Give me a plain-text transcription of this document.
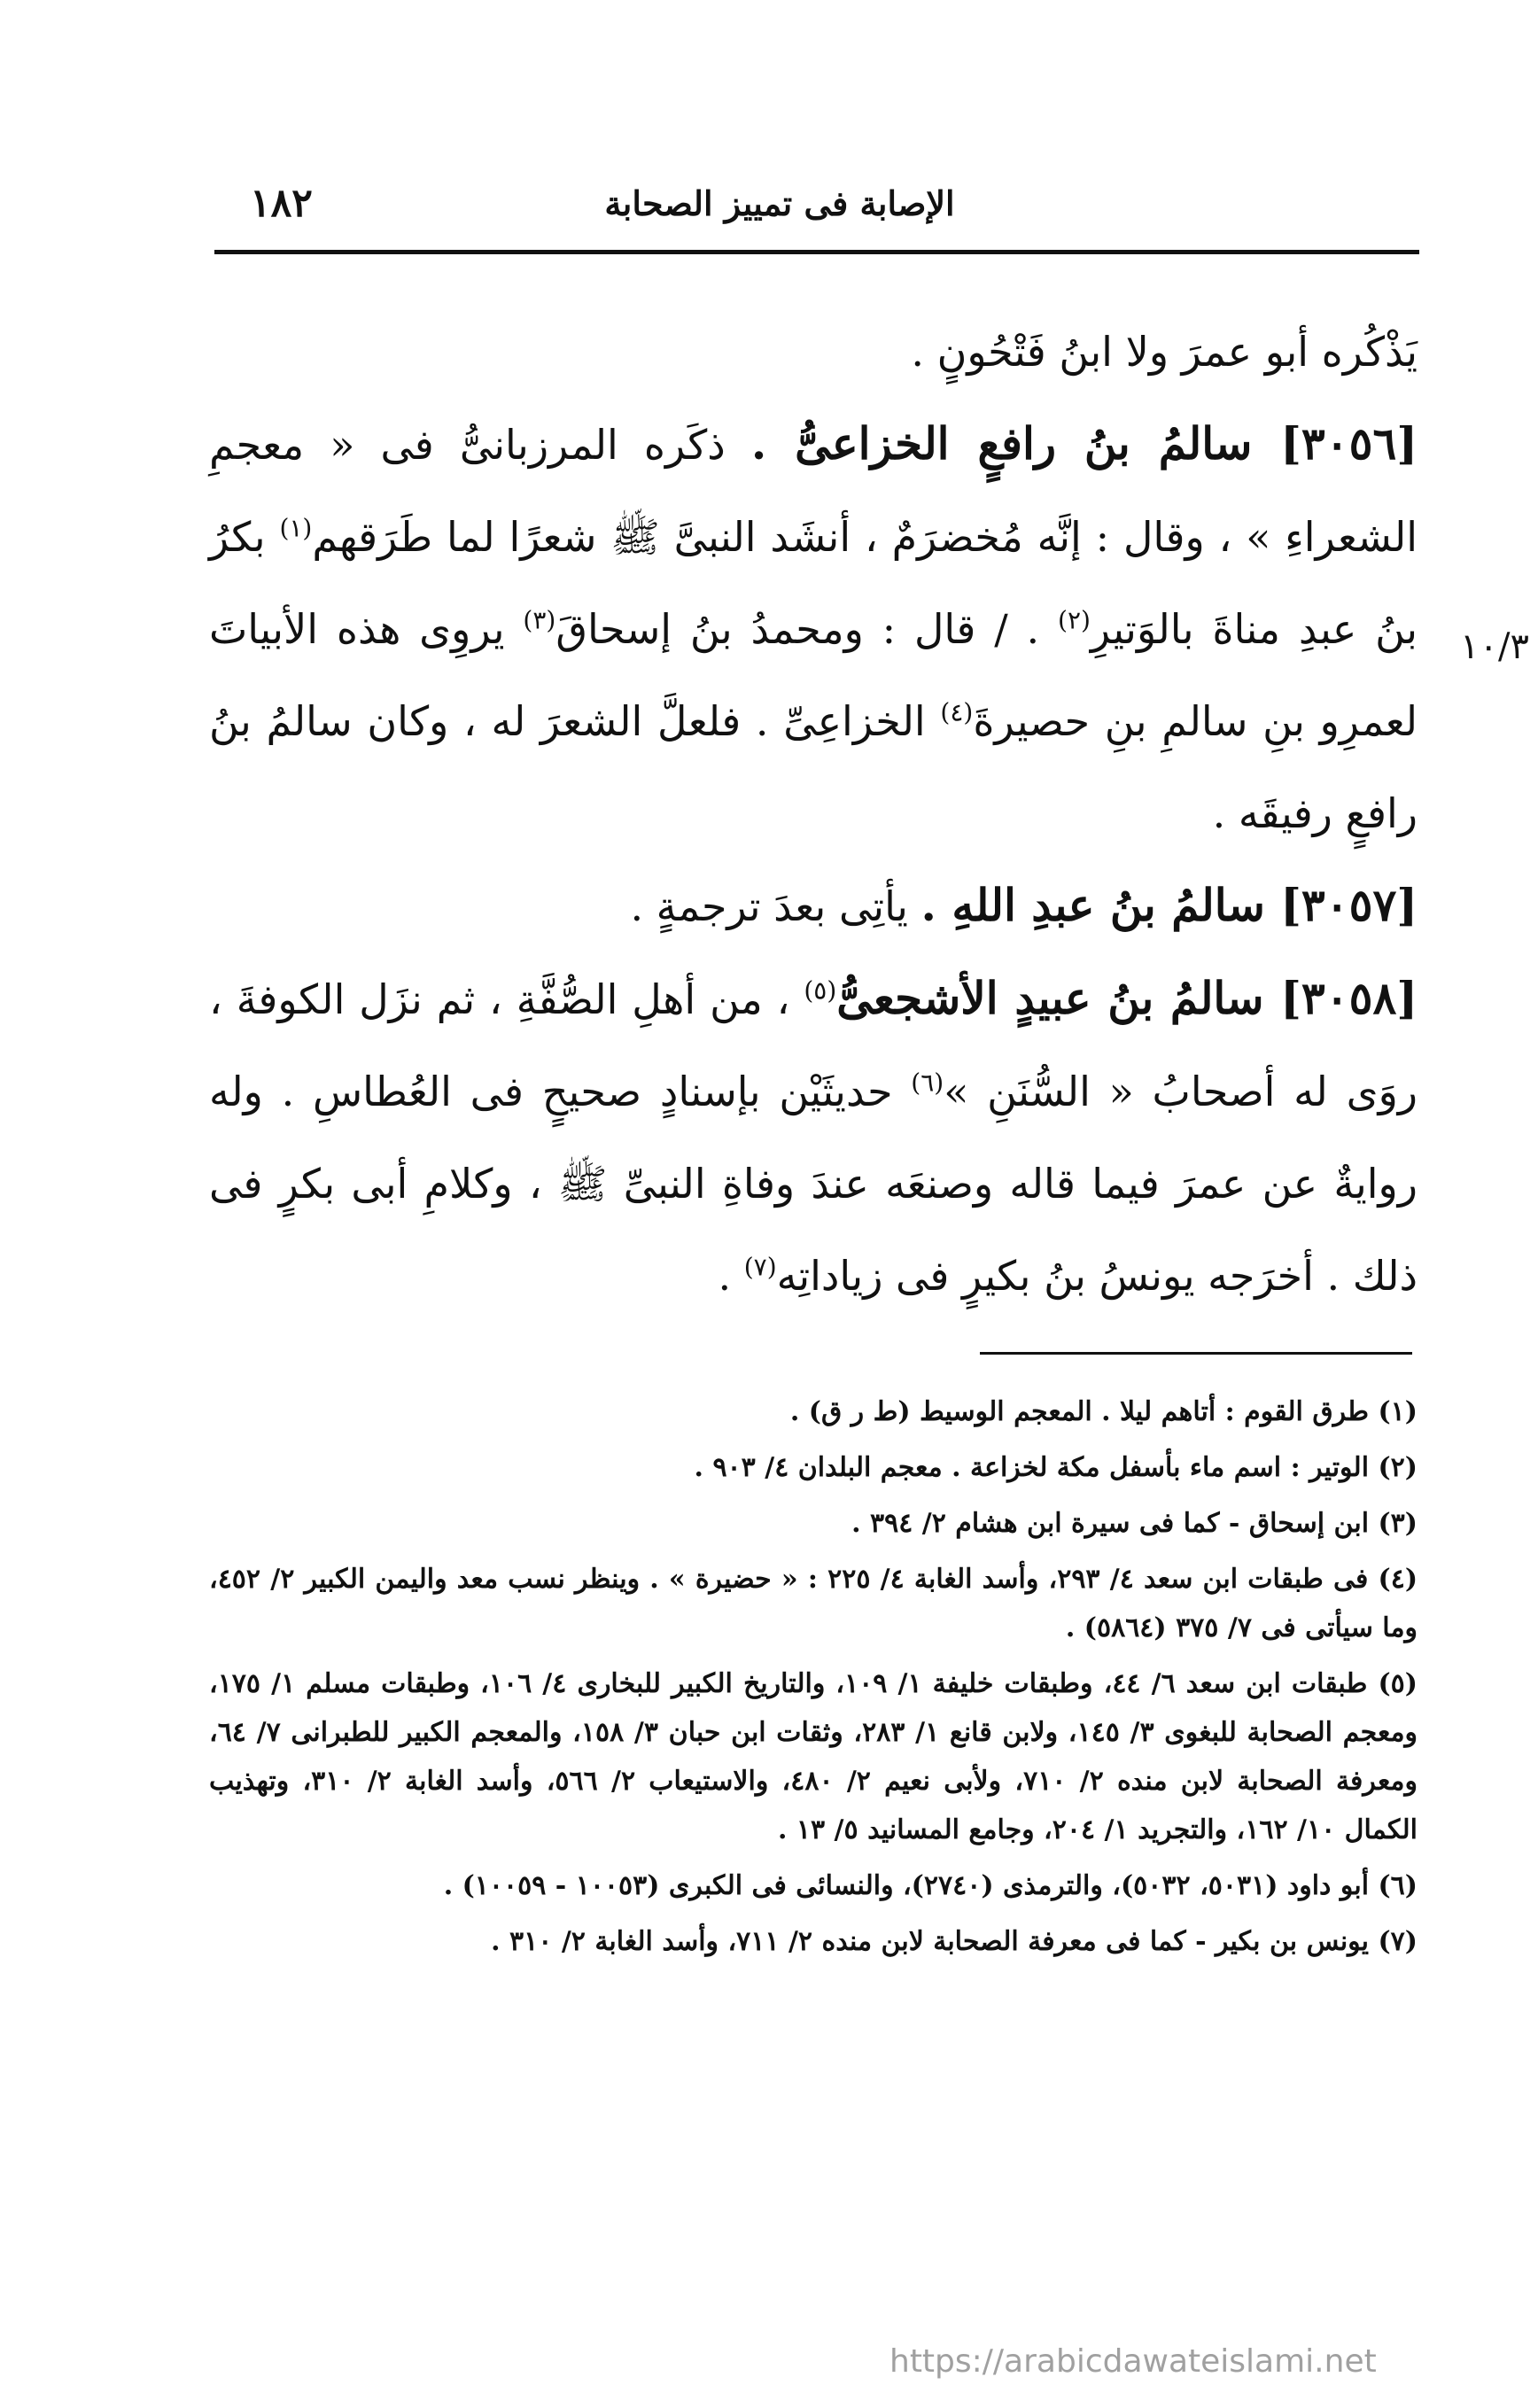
١٨٢	الإصابة فى تمييز الصحابة
١٠/٣

يَذْكُره أبو عمرَ ولا ابنُ فَتْحُونٍ .

[٣٠٥٦] سالمُ بنُ رافعٍ الخزاعىُّ . ذكَره المرزبانىُّ فى « معجمِ الشعراءِ » ، وقال : إنَّه مُخضرَمٌ ، أنشَد النبىَّ ﷺ شعرًا لما طَرَقهم$^{(١)}$ بكرُ بنُ عبدِ مناةَ بالوَتيرِ$^{(٢)}$ . / قال : ومحمدُ بنُ إسحاقَ$^{(٣)}$ يروِى هذه الأبياتَ لعمرِو بنِ سالمِ بنِ حصيرةَ$^{(٤)}$ الخزاعِىِّ . فلعلَّ الشعرَ له ، وكان سالمُ بنُ رافعٍ رفيقَه .

[٣٠٥٧] سالمُ بنُ عبدِ اللهِ . يأتِى بعدَ ترجمةٍ .

[٣٠٥٨] سالمُ بنُ عبيدٍ الأشجعىُّ$^{(٥)}$ ، من أهلِ الصُّفَّةِ ، ثم نزَل الكوفةَ ، روَى له أصحابُ « السُّنَنِ »$^{(٦)}$ حديثَيْن بإسنادٍ صحيحٍ فى العُطاسِ . وله روايةٌ عن عمرَ فيما قاله وصنعَه عندَ وفاةِ النبىِّ ﷺ ، وكلامِ أبى بكرٍ فى ذلك . أخرَجه يونسُ بنُ بكيرٍ فى زياداتِه$^{(٧)}$ .

(١) طرق القوم : أتاهم ليلا . المعجم الوسيط (ط ر ق) .

(٢) الوتير : اسم ماء بأسفل مكة لخزاعة . معجم البلدان ٤/ ٩٠٣ .

(٣) ابن إسحاق - كما فى سيرة ابن هشام ٢/ ٣٩٤ .

(٤) فى طبقات ابن سعد ٤/ ٢٩٣، وأسد الغابة ٤/ ٢٢٥ : « حضيرة » . وينظر نسب معد واليمن الكبير ٢/ ٤٥٢، وما سيأتى فى ٧/ ٣٧٥ (٥٨٦٤) .

(٥) طبقات ابن سعد ٦/ ٤٤، وطبقات خليفة ١/ ١٠٩، والتاريخ الكبير للبخارى ٤/ ١٠٦، وطبقات مسلم ١/ ١٧٥، ومعجم الصحابة للبغوى ٣/ ١٤٥، ولابن قانع ١/ ٢٨٣، وثقات ابن حبان ٣/ ١٥٨، والمعجم الكبير للطبرانى ٧/ ٦٤، ومعرفة الصحابة لابن منده ٢/ ٧١٠، ولأبى نعيم ٢/ ٤٨٠، والاستيعاب ٢/ ٥٦٦، وأسد الغابة ٢/ ٣١٠، وتهذيب الكمال ١٠/ ١٦٢، والتجريد ١/ ٢٠٤، وجامع المسانيد ٥/ ١٣ .

(٦) أبو داود (٥٠٣١، ٥٠٣٢)، والترمذى (٢٧٤٠)، والنسائى فى الكبرى (١٠٠٥٣ - ١٠٠٥٩) .

(٧) يونس بن بكير - كما فى معرفة الصحابة لابن منده ٢/ ٧١١، وأسد الغابة ٢/ ٣١٠ .

https://arabicdawateislami.net
